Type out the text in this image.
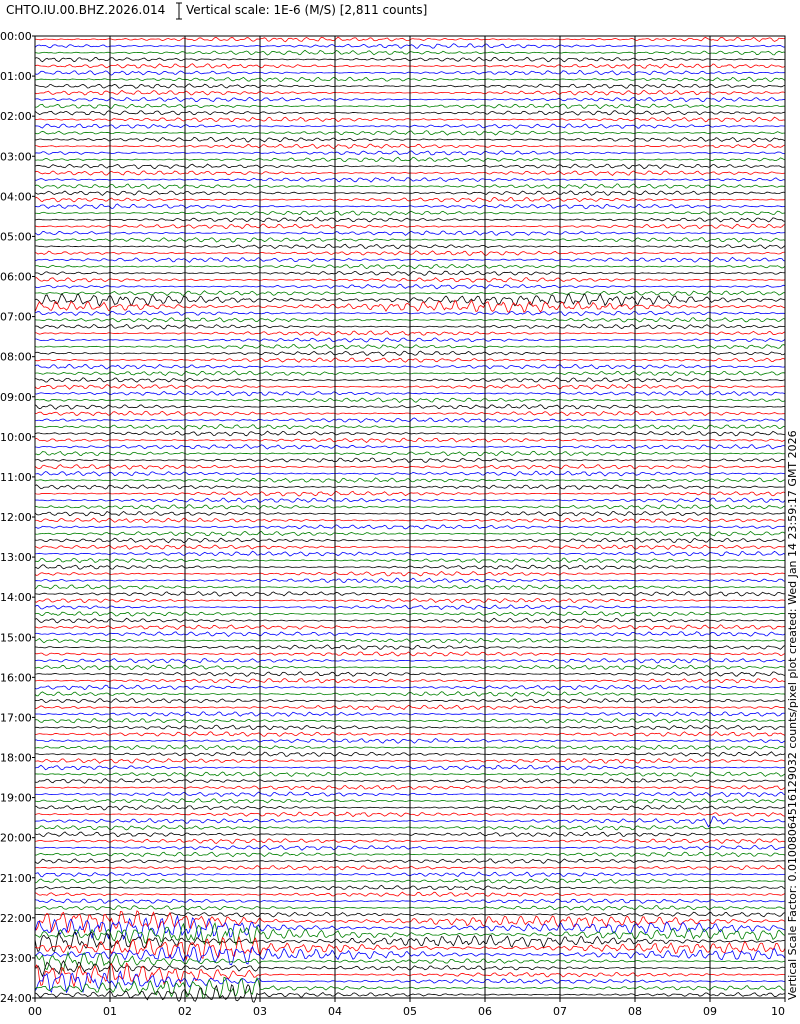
CHTO.IU.00.BHZ.2026.014 Vertical scale: 1E-6 (M/S) [2,811 counts]
00:00
01:00
02:00
03:00
04:00
05:00
06:00
07:00
08:00
09:00
10:00
11:00
12:00
13:00
14:00
15:00
16:00
17:00
18:00
19:00
20:00
21:00
22:00
23:00
24:00
00	01	02	03	04	05	06	07	08	09	10
Vertical Scale Factor: 0.01008064516129032 counts/pixel plot created: Wed Jan 14 23:59:17 GMT 2026
